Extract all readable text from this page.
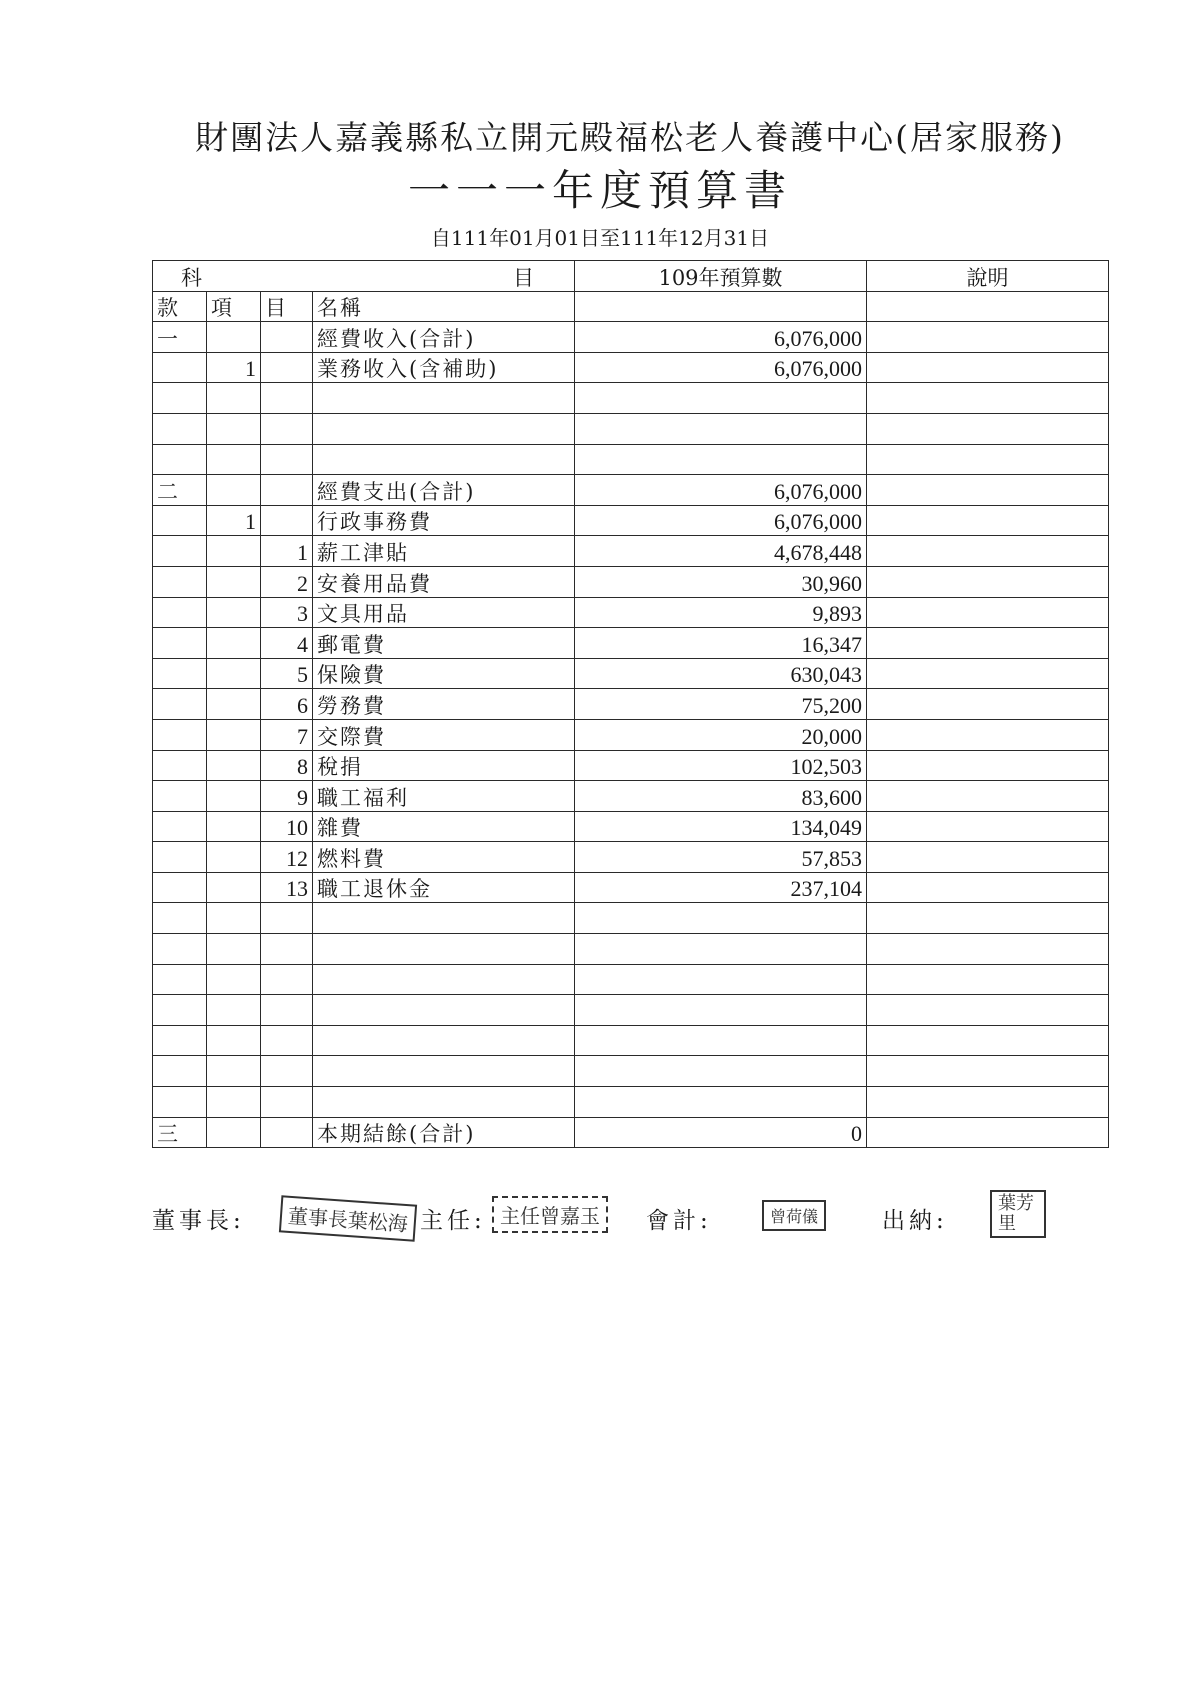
財團法人嘉義縣私立開元殿福松老人養護中心(居家服務)
一一一年度預算書
自111年01月01日至111年12月31日
科 目				109年預算數	說明
款	項	目	名稱		
一			經費收入(合計)	6,076,000	
	1		業務收入(含補助)	6,076,000	

二			經費支出(合計)	6,076,000	
	1		行政事務費	6,076,000	
		1	薪工津貼	4,678,448	
		2	安養用品費	30,960	
		3	文具用品	9,893	
		4	郵電費	16,347	
		5	保險費	630,043	
		6	勞務費	75,200	
		7	交際費	20,000	
		8	稅捐	102,503	
		9	職工福利	83,600	
		10	雜費	134,049	
		12	燃料費	57,853	
		13	職工退休金	237,104	

三			本期結餘(合計)	0	
董事長:	董事長葉松海 主任: 主任曾嘉玉	會計:	曾荷儀	出納:
葉芳里
